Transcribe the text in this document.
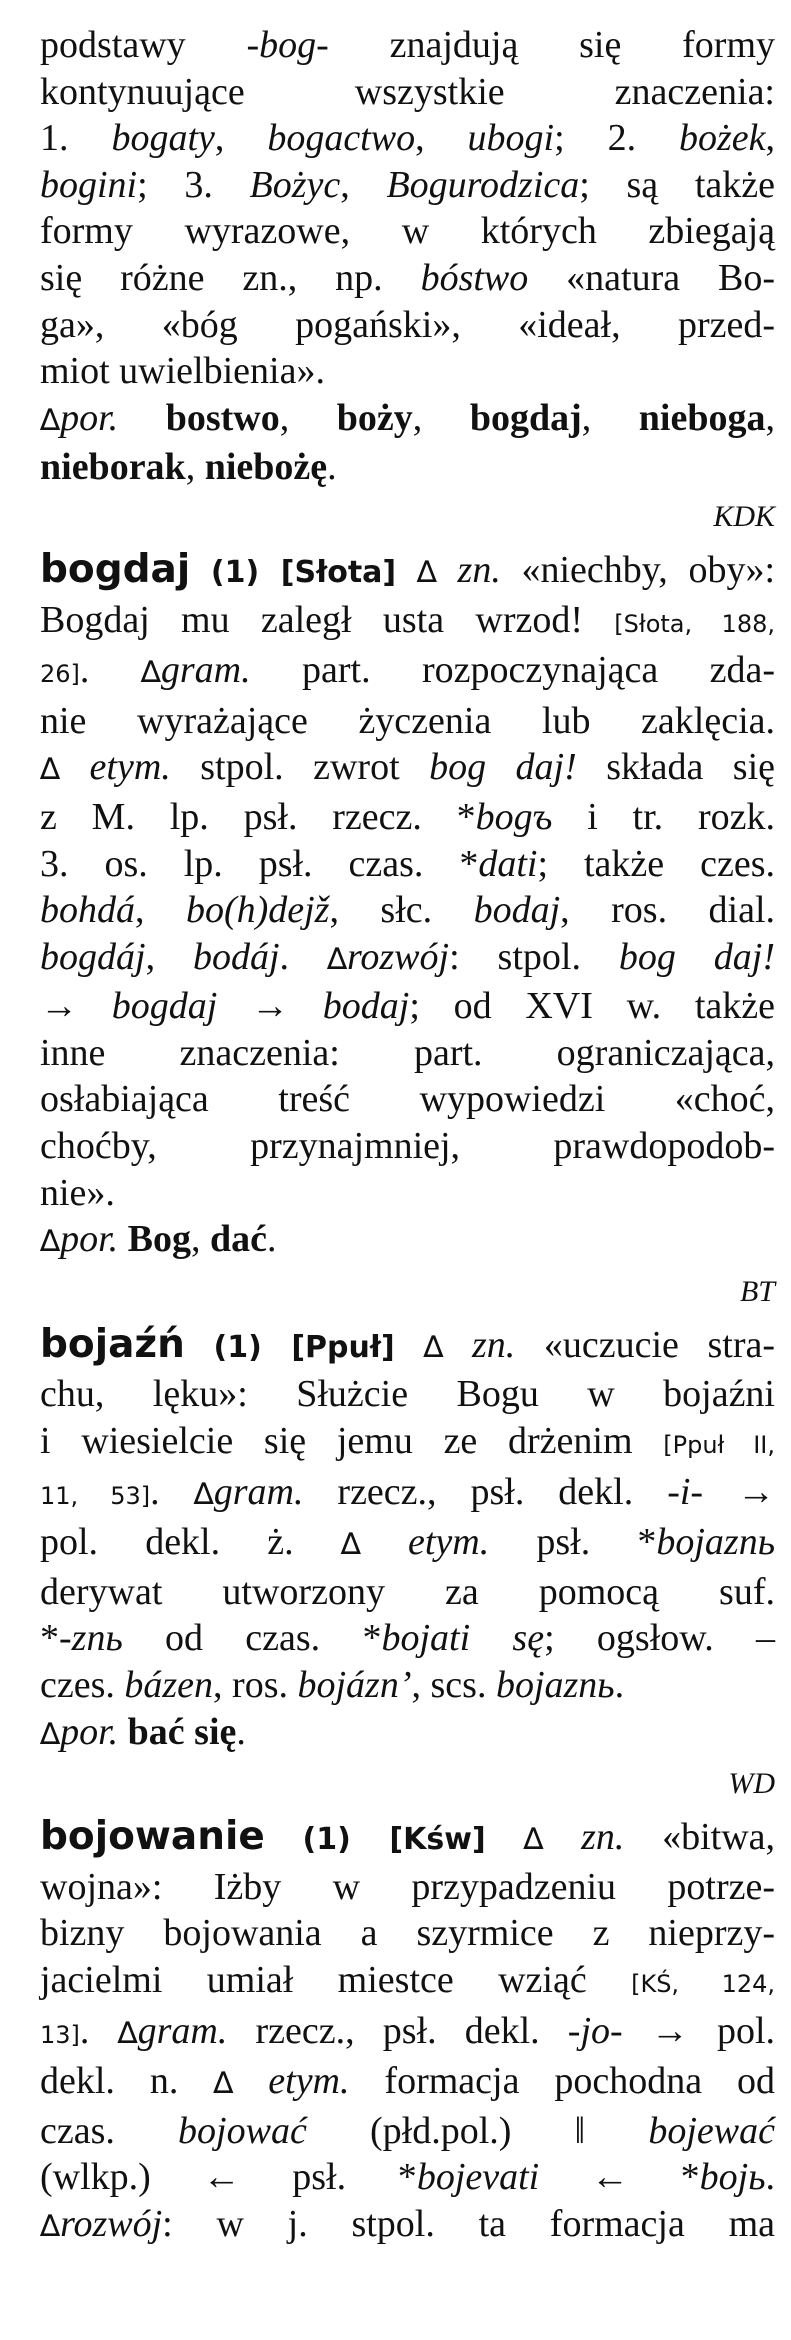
podstawy -bog- znajdują się formy
kontynuujące wszystkie znaczenia:
1. bogaty, bogactwo, ubogi; 2. bożek,
bogini; 3. Bożyc, Bogurodzica; są także
formy wyrazowe, w których zbiegają
się różne zn., np. bóstwo «natura Bo-
ga», «bóg pogański», «ideał, przed-
miot uwielbienia».
∆por. bostwo, boży, bogdaj, nieboga,
nieborak, niebożę.
KDK
bogdaj (1) [Słota] ∆ zn. «niechby, oby»:
Bogdaj mu zaległ usta wrzod! [Słota, 188,
26]. ∆gram. part. rozpoczynająca zda-
nie wyrażające życzenia lub zaklęcia.
∆ etym. stpol. zwrot bog daj! składa się
z M. lp. psł. rzecz. *bogъ i tr. rozk.
3. os. lp. psł. czas. *dati; także czes.
bohdá, bo(h)dejž, słc. bodaj, ros. dial.
bogdáj, bodáj. ∆rozwój: stpol. bog daj!
→ bogdaj → bodaj; od XVI w. także
inne znaczenia: part. ograniczająca,
osłabiająca treść wypowiedzi «choć,
choćby, przynajmniej, prawdopodob-
nie».
∆por. Bog, dać.
BT
bojaźń (1) [Ppuł] ∆ zn. «uczucie stra-
chu, lęku»: Służcie Bogu w bojaźni
i wiesielcie się jemu ze drżenim [Ppuł II,
11, 53]. ∆gram. rzecz., psł. dekl. -i- →
pol. dekl. ż. ∆ etym. psł. *bojaznь
derywat utworzony za pomocą suf.
*-znь od czas. *bojati sę; ogsłow. –
czes. bázen, ros. bojázn’, scs. bojaznь.
∆por. bać się.
WD
bojowanie (1) [Kśw] ∆ zn. «bitwa,
wojna»: Iżby w przypadzeniu potrze-
bizny bojowania a szyrmice z nieprzy-
jacielmi umiał miestce wziąć [KŚ, 124,
13]. ∆gram. rzecz., psł. dekl. -jo- → pol.
dekl. n. ∆ etym. formacja pochodna od
czas. bojować (płd.pol.) ‖ bojewać
(wlkp.) ← psł. *bojevati ← *bojь.
∆rozwój: w j. stpol. ta formacja ma
